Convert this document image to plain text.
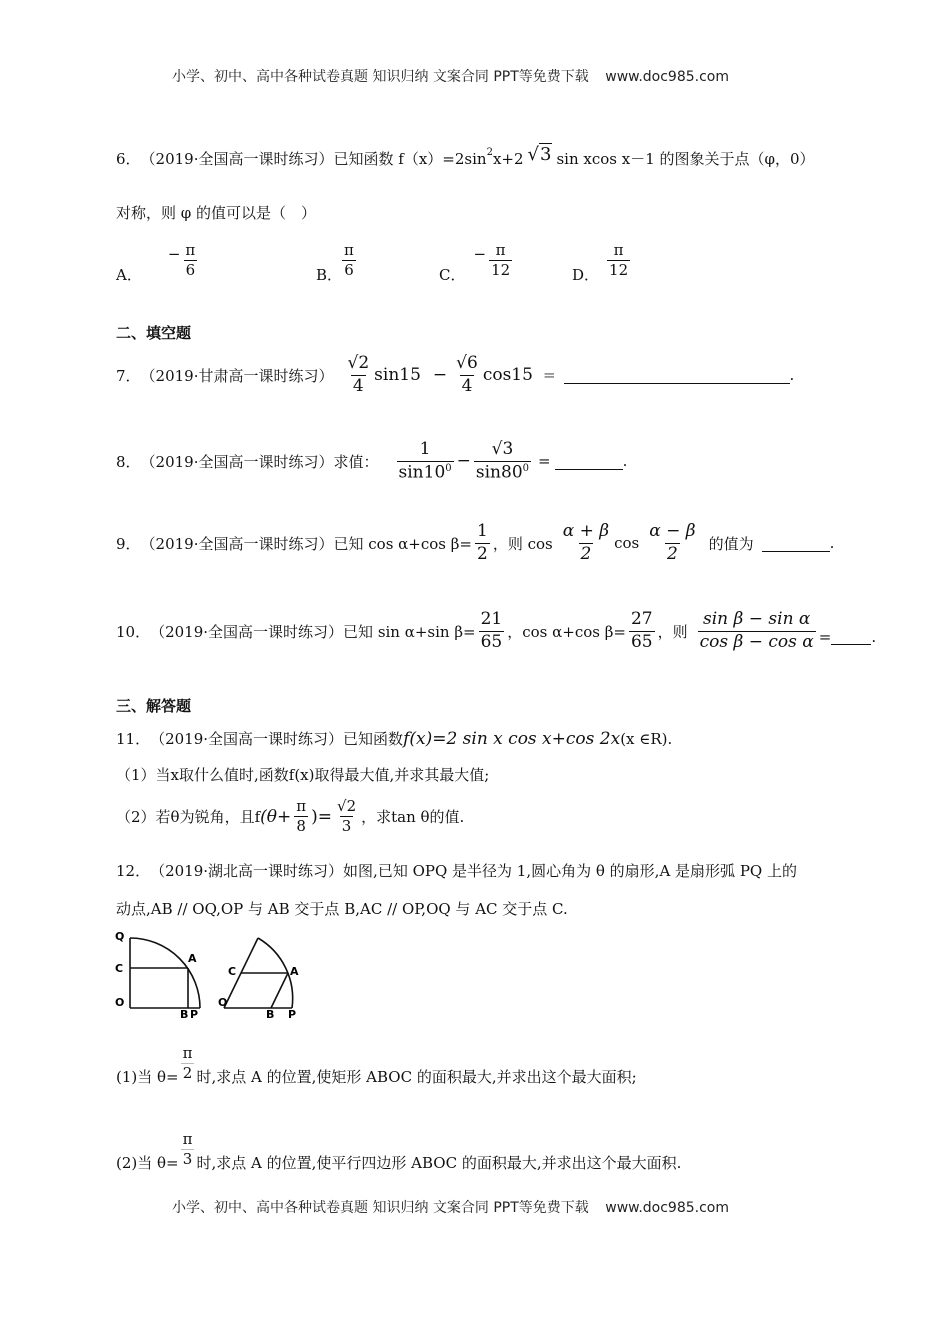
小学、初中、高中各种试卷真题 知识归纳 文案合同 PPT等免费下载 www.doc985.com
6． （2019·全国高一课时练习） 已知函数 $f(x)=2\sin^2$ x+2 √3 sin xcos x－1 的图象关于点（φ，0）
对称，则 φ 的值可以是（　）
A．
− $\frac{\pi}{6}$	B． $\frac{\pi}{6}$	C．
− $\frac{\pi}{12}$	D． $\frac{\pi}{12}$
二、填空题
7． （2019·甘肃高一课时练习） $\frac{√2}{4} \sin 15 - \frac{√6}{4} \cos 15$ =	.
8． （2019·全国高一课时练习） 求值： $\frac{1}{\sin 10^0} - \frac{√3}{\sin 80^0}$ =	.
9． （2019·全国高一课时练习） 已知 cos α+cos $\beta= \frac{1}{2}$ ，则 $\cos \frac{\alpha + \beta}{2}$ $\cos \frac{\alpha - \beta}{2}$ 的值为	.
10． （2019·全国高一课时练习） 已知 sin α+sin $\beta= \frac{21}{65}$ ，cos α+cos $\beta= \frac{27}{65}$ ，则 $\frac{\text{sin β − sin α}}{\text{cos β − cos α}}$ =	.
三、解答题
11． （2019·全国高一课时练习） 已知函数 f(x)=2 sin x cos x+cos 2x (x ∈R).
（1）当x取什么值时,函数f(x)取得最大值,并求其最大值;
（2）若θ为锐角，且f ($\theta+ \frac{\pi}{8}$ )= $\frac{√2}{3}$ ，求tan θ的值.
12． （2019·湖北高一课时练习） 如图,已知 OPQ 是半径为 1,圆心角为 θ 的扇形,A 是扇形弧 PQ 上的
动点,AB // OQ,OP 与 AB 交于点 B,AC // OP,OQ 与 AC 交于点 C.
Q
C
O
A
B P
C	A
O
B P
(1)当 $\theta= \frac{\pi}{2}$ 时,求点 A 的位置,使矩形 ABOC 的面积最大,并求出这个最大面积;
(2)当 $\theta= \frac{\pi}{3}$ 时,求点 A 的位置,使平行四边形 ABOC 的面积最大,并求出这个最大面积.
小学、初中、高中各种试卷真题 知识归纳 文案合同 PPT等免费下载 www.doc985.com
